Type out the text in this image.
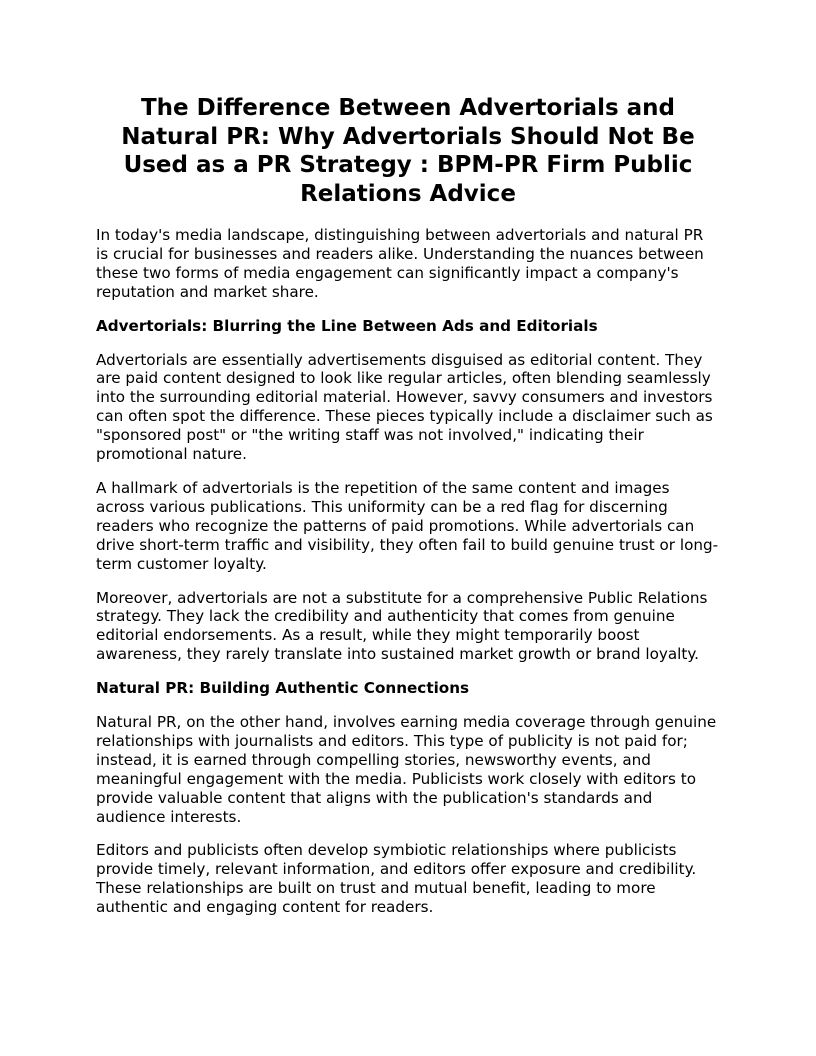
The Difference Between Advertorials and Natural PR: Why Advertorials Should Not Be Used as a PR Strategy : BPM-PR Firm Public Relations Advice

In today's media landscape, distinguishing between advertorials and natural PR is crucial for businesses and readers alike. Understanding the nuances between these two forms of media engagement can significantly impact a company's reputation and market share.

Advertorials: Blurring the Line Between Ads and Editorials

Advertorials are essentially advertisements disguised as editorial content. They are paid content designed to look like regular articles, often blending seamlessly into the surrounding editorial material. However, savvy consumers and investors can often spot the difference. These pieces typically include a disclaimer such as "sponsored post" or "the writing staff was not involved," indicating their promotional nature.

A hallmark of advertorials is the repetition of the same content and images across various publications. This uniformity can be a red flag for discerning readers who recognize the patterns of paid promotions. While advertorials can drive short-term traffic and visibility, they often fail to build genuine trust or long-term customer loyalty.

Moreover, advertorials are not a substitute for a comprehensive Public Relations strategy. They lack the credibility and authenticity that comes from genuine editorial endorsements. As a result, while they might temporarily boost awareness, they rarely translate into sustained market growth or brand loyalty.

Natural PR: Building Authentic Connections

Natural PR, on the other hand, involves earning media coverage through genuine relationships with journalists and editors. This type of publicity is not paid for; instead, it is earned through compelling stories, newsworthy events, and meaningful engagement with the media. Publicists work closely with editors to provide valuable content that aligns with the publication's standards and audience interests.

Editors and publicists often develop symbiotic relationships where publicists provide timely, relevant information, and editors offer exposure and credibility. These relationships are built on trust and mutual benefit, leading to more authentic and engaging content for readers.
